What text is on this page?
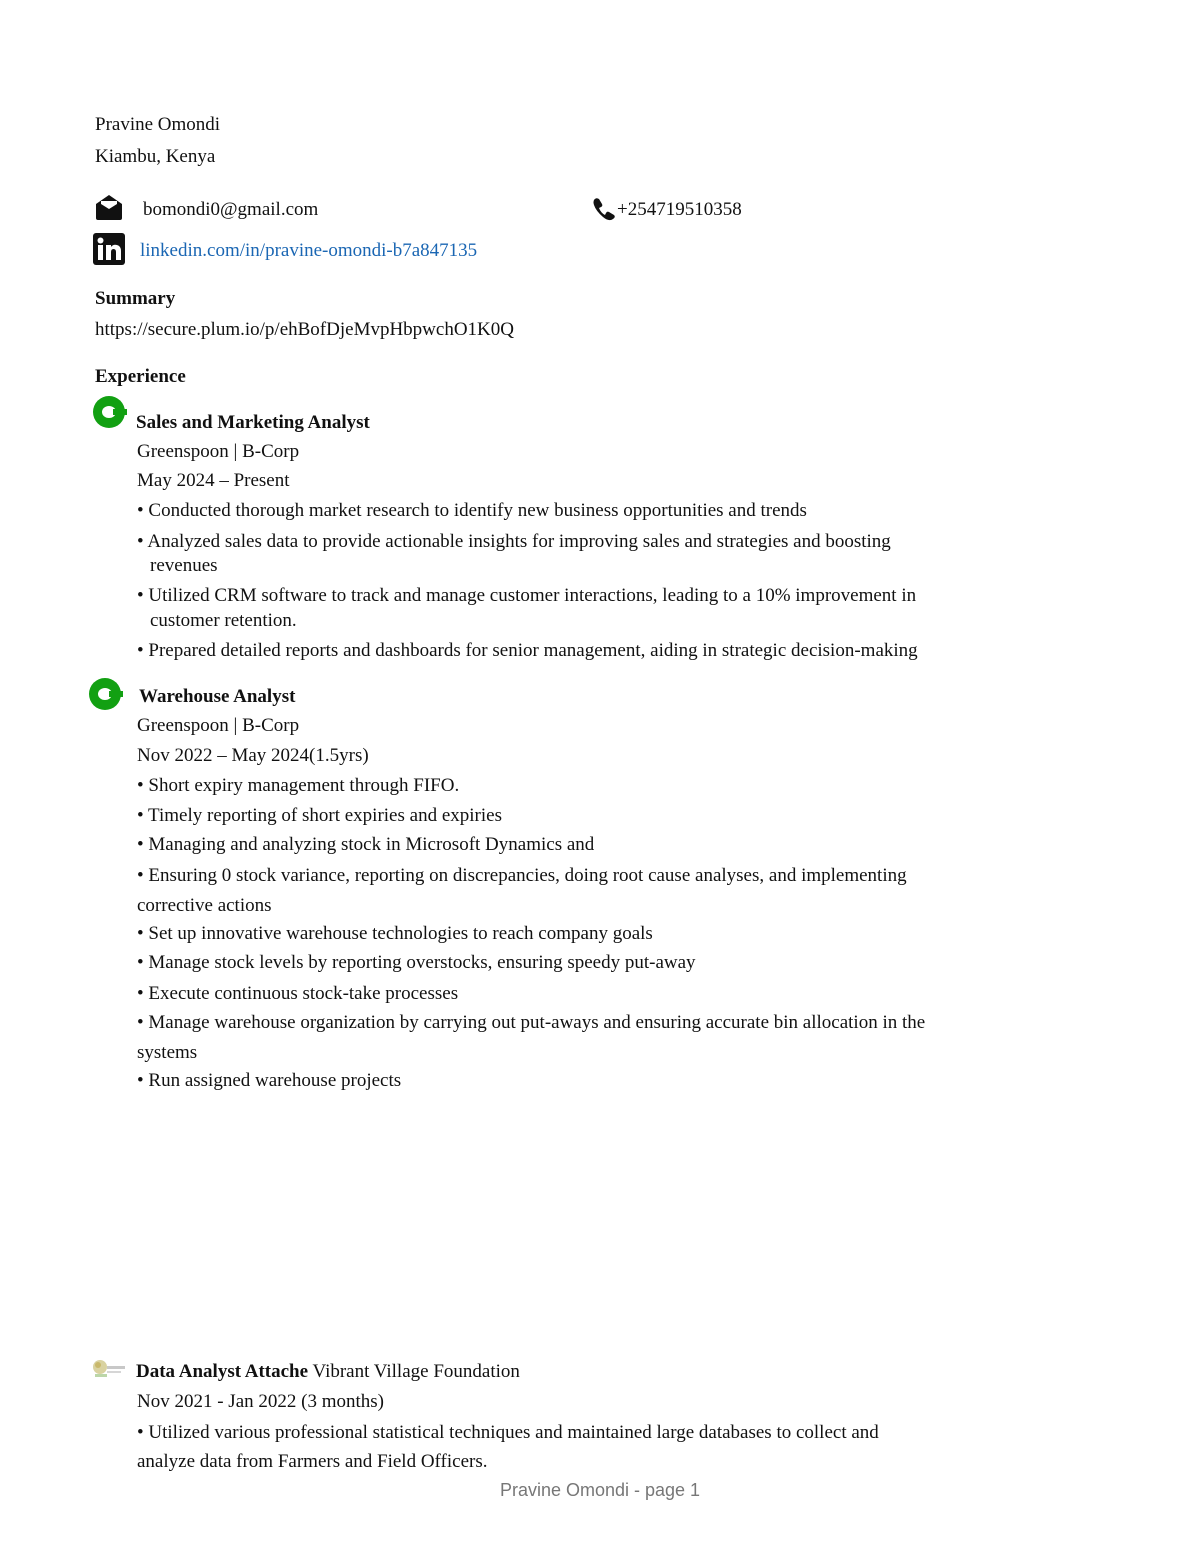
Pravine Omondi
Kiambu, Kenya
bomondi0@gmail.com	+254719510358
linkedin.com/in/pravine-omondi-b7a847135
Summary
https://secure.plum.io/p/ehBofDjeMvpHbpwchO1K0Q
Experience
Sales and Marketing Analyst
Greenspoon | B-Corp
May 2024 – Present
• Conducted thorough market research to identify new business opportunities and trends
• Analyzed sales data to provide actionable insights for improving sales and strategies and boosting
revenues
• Utilized CRM software to track and manage customer interactions, leading to a 10% improvement in
customer retention.
• Prepared detailed reports and dashboards for senior management, aiding in strategic decision-making
Warehouse Analyst
Greenspoon | B-Corp
Nov 2022 – May 2024(1.5yrs)
• Short expiry management through FIFO.
• Timely reporting of short expiries and expiries
• Managing and analyzing stock in Microsoft Dynamics and
• Ensuring 0 stock variance, reporting on discrepancies, doing root cause analyses, and implementing
corrective actions
• Set up innovative warehouse technologies to reach company goals
• Manage stock levels by reporting overstocks, ensuring speedy put-away
• Execute continuous stock-take processes
• Manage warehouse organization by carrying out put-aways and ensuring accurate bin allocation in the
systems
• Run assigned warehouse projects
Data Analyst Attache Vibrant Village Foundation
Nov 2021 - Jan 2022 (3 months)
• Utilized various professional statistical techniques and maintained large databases to collect and
analyze data from Farmers and Field Officers.
Pravine Omondi - page 1
